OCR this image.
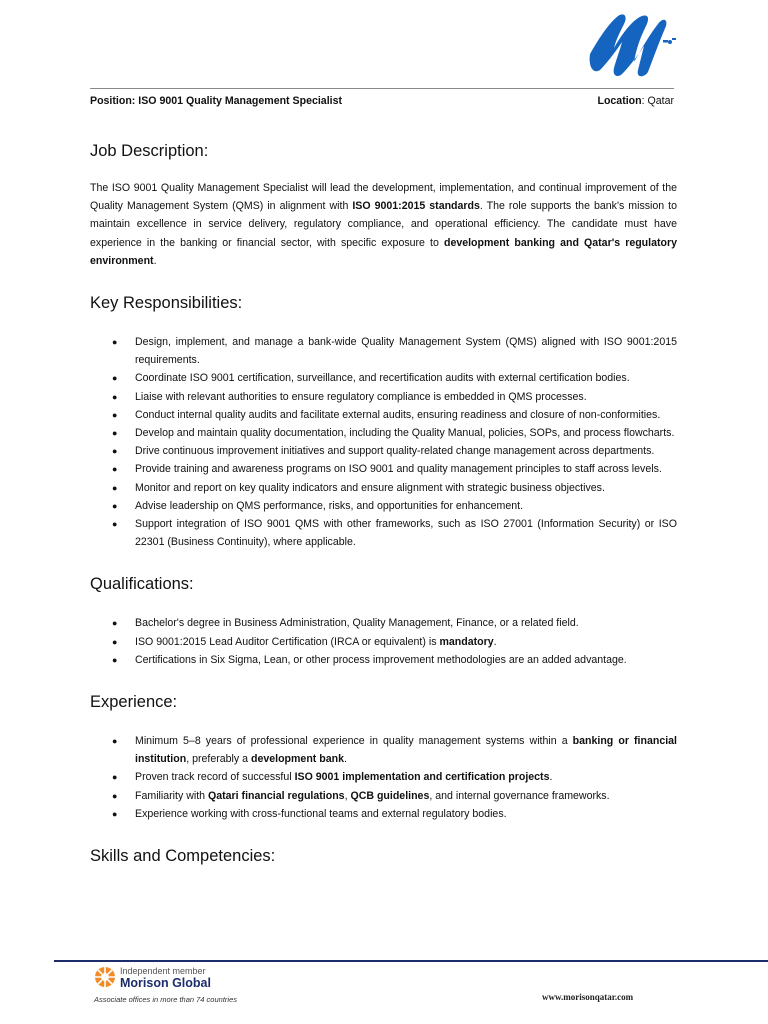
Position: ISO 9001 Quality Management Specialist	Location: Qatar
Job Description:

The ISO 9001 Quality Management Specialist will lead the development, implementation, and continual improvement of the Quality Management System (QMS) in alignment with ISO 9001:2015 standards. The role supports the bank's mission to maintain excellence in service delivery, regulatory compliance, and operational efficiency. The candidate must have experience in the banking or financial sector, with specific exposure to development banking and Qatar's regulatory environment.

Key Responsibilities:
● Design, implement, and manage a bank-wide Quality Management System (QMS) aligned with ISO 9001:2015 requirements.
● Coordinate ISO 9001 certification, surveillance, and recertification audits with external certification bodies.
● Liaise with relevant authorities to ensure regulatory compliance is embedded in QMS processes.
● Conduct internal quality audits and facilitate external audits, ensuring readiness and closure of non-conformities.
● Develop and maintain quality documentation, including the Quality Manual, policies, SOPs, and process flowcharts.
● Drive continuous improvement initiatives and support quality-related change management across departments.
● Provide training and awareness programs on ISO 9001 and quality management principles to staff across levels.
● Monitor and report on key quality indicators and ensure alignment with strategic business objectives.
● Advise leadership on QMS performance, risks, and opportunities for enhancement.
● Support integration of ISO 9001 QMS with other frameworks, such as ISO 27001 (Information Security) or ISO 22301 (Business Continuity), where applicable.
Qualifications:
● Bachelor's degree in Business Administration, Quality Management, Finance, or a related field.
● ISO 9001:2015 Lead Auditor Certification (IRCA or equivalent) is mandatory.
● Certifications in Six Sigma, Lean, or other process improvement methodologies are an added advantage.
Experience:
● Minimum 5–8 years of professional experience in quality management systems within a banking or financial institution, preferably a development bank.
● Proven track record of successful ISO 9001 implementation and certification projects.
● Familiarity with Qatari financial regulations, QCB guidelines, and internal governance frameworks.
● Experience working with cross-functional teams and external regulatory bodies.
Skills and Competencies:
Independent member
Morison Global
Associate offices in more than 74 countries	www.morisonqatar.com
